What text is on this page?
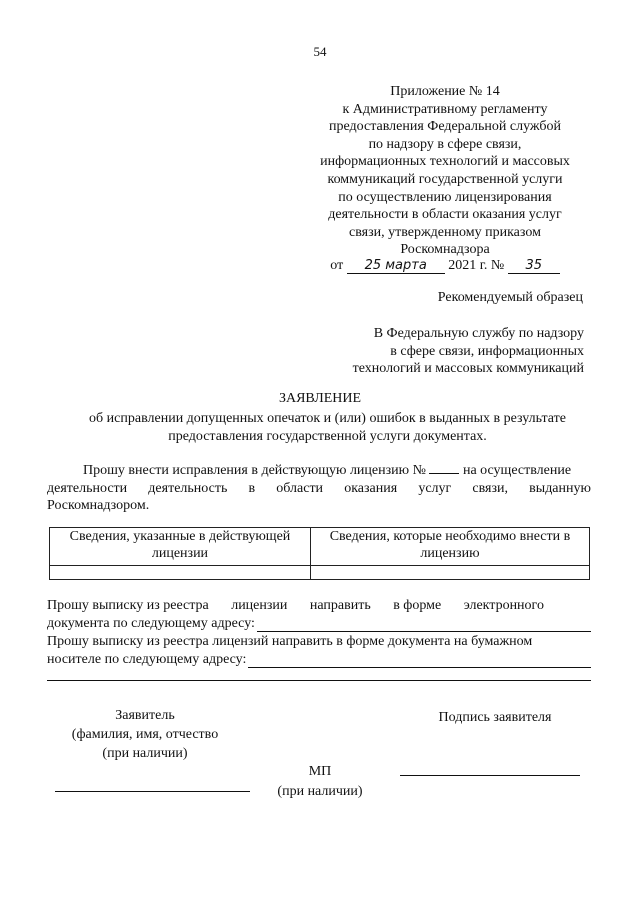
54
Приложение № 14
к Административному регламенту
предоставления Федеральной службой
по надзору в сфере связи,
информационных технологий и массовых
коммуникаций государственной услуги
по осуществлению лицензирования
деятельности в области оказания услуг
связи, утвержденному приказом
Роскомнадзора
от 25 марта 2021 г. № 35
Рекомендуемый образец
В Федеральную службу по надзору
в сфере связи, информационных
технологий и массовых коммуникаций
ЗАЯВЛЕНИЕ
об исправлении допущенных опечаток и (или) ошибок в выданных в результате предоставления государственной услуги документах.
Прошу внести исправления в действующую лицензию №	на осуществление
деятельности деятельность в области оказания услуг связи, выданную
Роскомнадзором.
Сведения, указанные в действующей лицензии	Сведения, которые необходимо внести в лицензию

Прошу выписку из реестра лицензии направить в форме электронного
документа по следующему адресу:
Прошу выписку из реестра лицензий направить в форме документа на бумажном
носителе по следующему адресу:
Заявитель
(фамилия, имя, отчество
(при наличии)
Подпись заявителя
МП
(при наличии)
